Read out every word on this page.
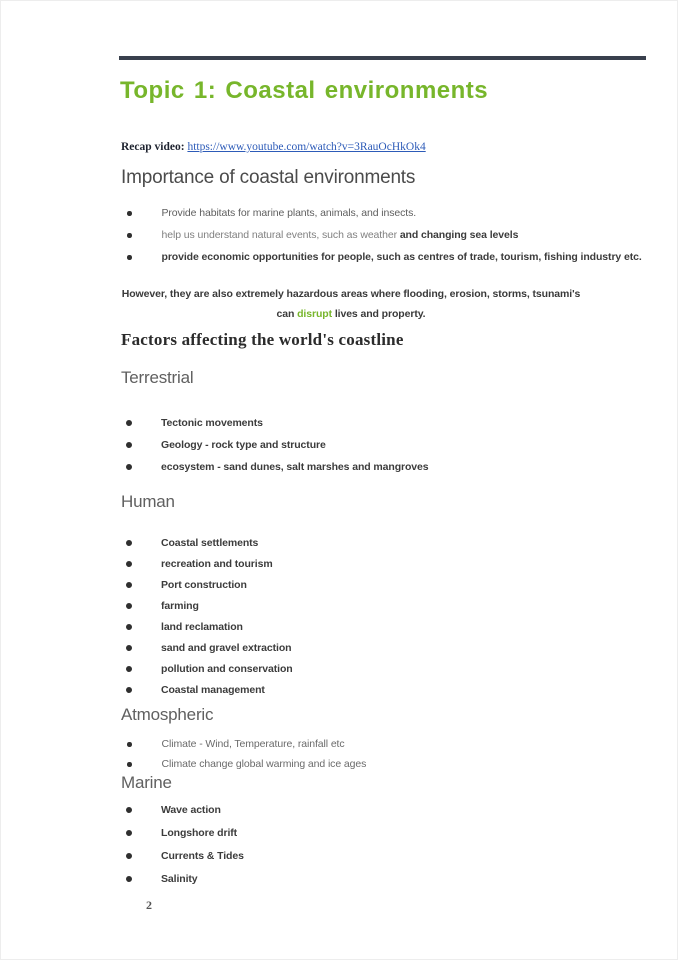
Topic 1: Coastal environments

Recap video: https://www.youtube.com/watch?v=3RauOcHkOk4

Importance of coastal environments
Provide habitats for marine plants, animals, and insects.
help us understand natural events, such as weather and changing sea levels
provide economic opportunities for people, such as centres of trade, tourism, fishing industry etc.

However, they are also extremely hazardous areas where flooding, erosion, storms, tsunami's can disrupt lives and property.

Factors affecting the world's coastline
Terrestrial
Tectonic movements
Geology - rock type and structure
ecosystem - sand dunes, salt marshes and mangroves
Human
Coastal settlements
recreation and tourism
Port construction
farming
land reclamation
sand and gravel extraction
pollution and conservation
Coastal management
Atmospheric
Climate - Wind, Temperature, rainfall etc
Climate change global warming and ice ages
Marine
Wave action
Longshore drift
Currents & Tides
Salinity
2
